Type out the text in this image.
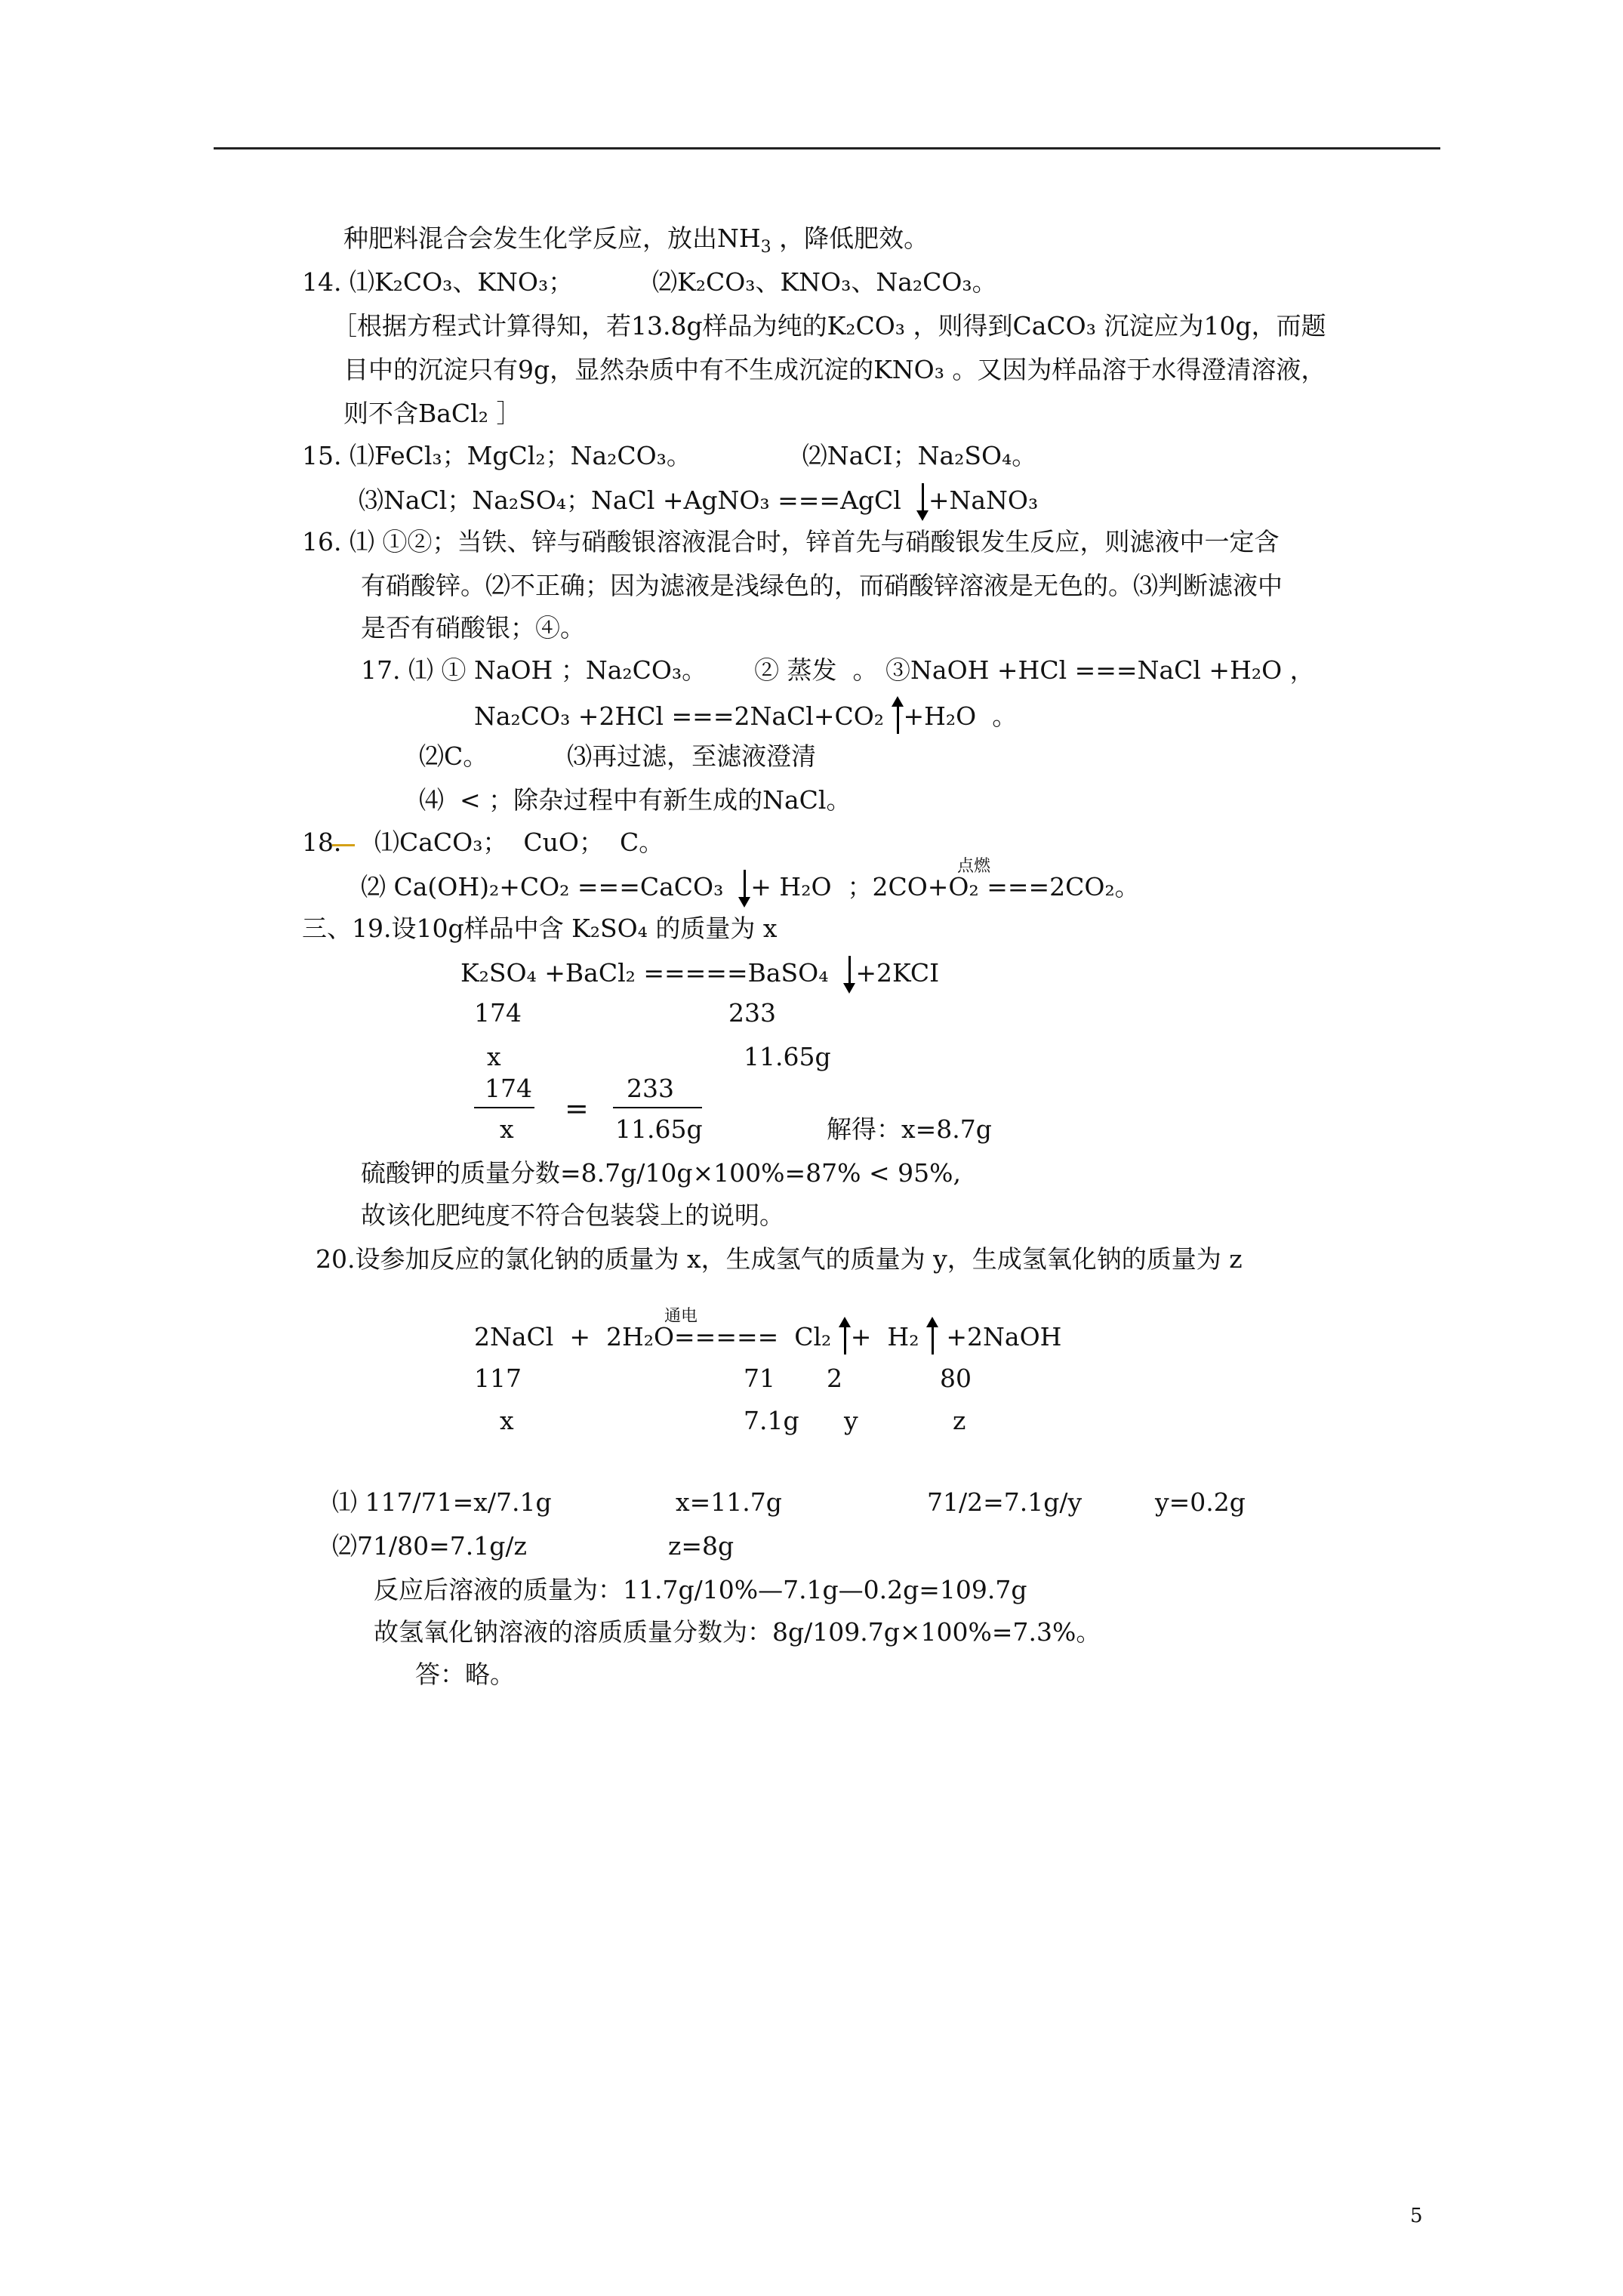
种肥料混合会发生化学反应，放出$NH_3$ ，降低肥效。
14. ⑴K₂CO₃、KNO₃；          ⑵K₂CO₃、KNO₃、Na₂CO₃。
［根据方程式计算得知，若13.8g样品为纯的K₂CO₃ ，则得到CaCO₃ 沉淀应为10g，而题
目中的沉淀只有9g，显然杂质中有不生成沉淀的KNO₃ 。又因为样品溶于水得澄清溶液，
则不含BaCl₂ ］
15. ⑴FeCl₃；MgCl₂；Na₂CO₃。              ⑵NaCI；Na₂SO₄。
⑶NaCl；Na₂SO₄；NaCl +AgNO₃ ===AgCl  +NaNO₃
16. ⑴ ①②；当铁、锌与硝酸银溶液混合时，锌首先与硝酸银发生反应，则滤液中一定含
有硝酸锌。⑵不正确；因为滤液是浅绿色的，而硝酸锌溶液是无色的。⑶判断滤液中
是否有硝酸银；④。
17. ⑴ ① NaOH ；Na₂CO₃。      ② 蒸发  。 ③NaOH +HCl ===NaCl +H₂O ，
Na₂CO₃ +2HCl ===2NaCl+CO₂ +H₂O  。
⑵C。          ⑶再过滤，至滤液澄清
⑷  < ；除杂过程中有新生成的NaCl。
18．  ⑴CaCO₃；  CuO；  C。
点燃
⑵ Ca(OH)₂+CO₂ ===CaCO₃  + H₂O  ；2CO+O₂ ===2CO₂。
三、19.设10g样品中含 K₂SO₄ 的质量为 x
K₂SO₄ +BaCl₂ =====BaSO₄  +2KCI
174	233
x	11.65g
174
x
=
233
11.65g	解得：x=8.7g
硫酸钾的质量分数=8.7g/10g×100%=87% < 95%,
故该化肥纯度不符合包装袋上的说明。
20.设参加反应的氯化钠的质量为 x，生成氢气的质量为 y，生成氢氧化钠的质量为 z
通电
2NaCl  +  2H₂O=====  Cl₂ +  H₂  +2NaOH
117	71 2	80
x	7.1g y	z
⑴ 117/71=x/7.1g	x=11.7g	71/2=7.1g/y	y=0.2g
⑵71/80=7.1g/z	z=8g
反应后溶液的质量为：11.7g/10%—7.1g—0.2g=109.7g
故氢氧化钠溶液的溶质质量分数为：8g/109.7g×100%=7.3%。
答：略。
5
